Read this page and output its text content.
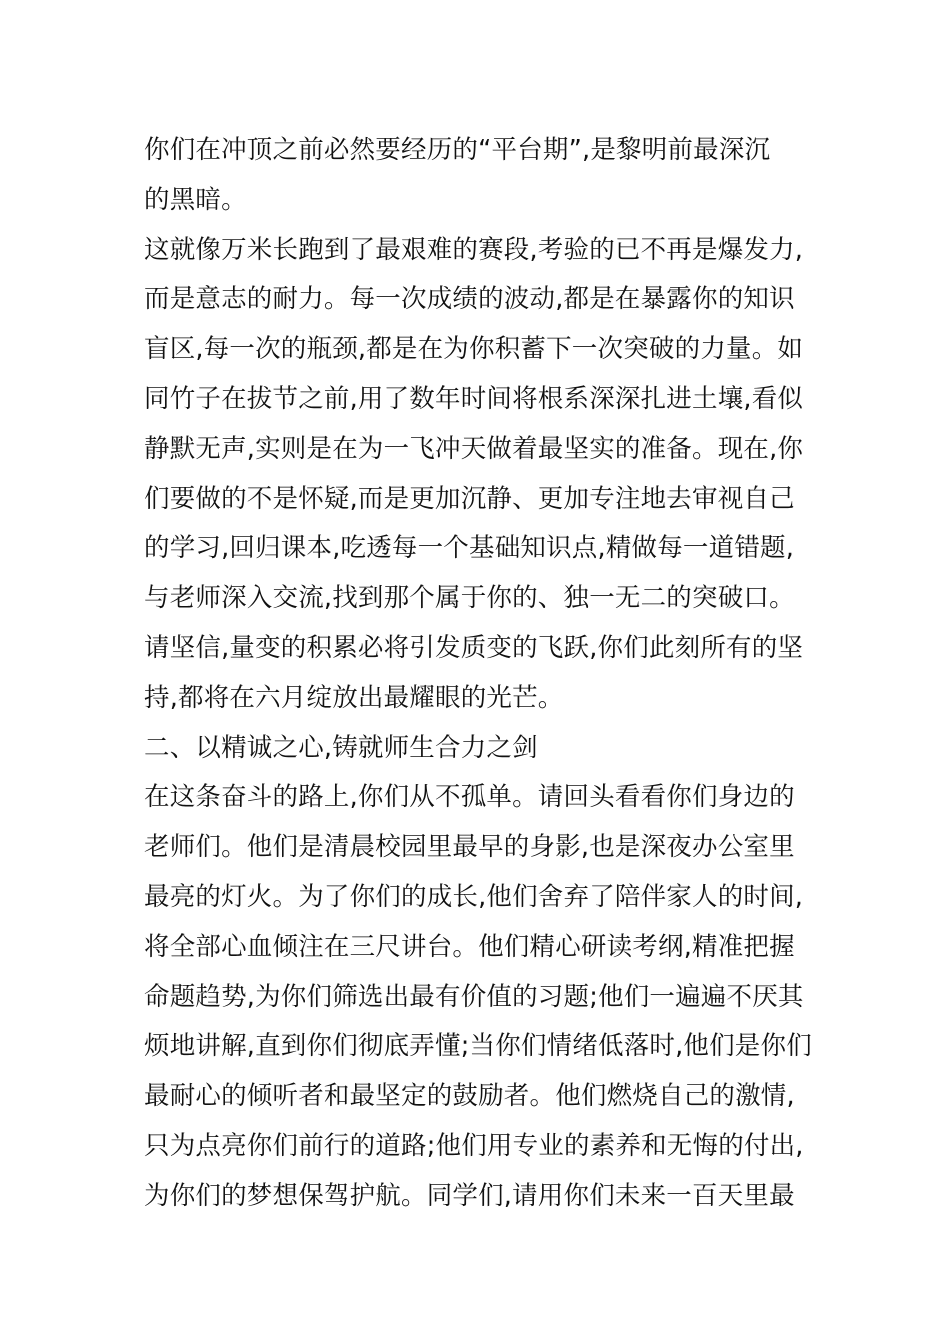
你们在冲顶之前必然要经历的“平台期”,是黎明前最深沉
的黑暗。
这就像万米长跑到了最艰难的赛段,考验的已不再是爆发力,
而是意志的耐力。每一次成绩的波动,都是在暴露你的知识
盲区,每一次的瓶颈,都是在为你积蓄下一次突破的力量。如
同竹子在拔节之前,用了数年时间将根系深深扎进土壤,看似
静默无声,实则是在为一飞冲天做着最坚实的准备。现在,你
们要做的不是怀疑,而是更加沉静、更加专注地去审视自己
的学习,回归课本,吃透每一个基础知识点,精做每一道错题,
与老师深入交流,找到那个属于你的、独一无二的突破口。
请坚信,量变的积累必将引发质变的飞跃,你们此刻所有的坚
持,都将在六月绽放出最耀眼的光芒。
二、以精诚之心,铸就师生合力之剑
在这条奋斗的路上,你们从不孤单。请回头看看你们身边的
老师们。他们是清晨校园里最早的身影,也是深夜办公室里
最亮的灯火。为了你们的成长,他们舍弃了陪伴家人的时间,
将全部心血倾注在三尺讲台。他们精心研读考纲,精准把握
命题趋势,为你们筛选出最有价值的习题;他们一遍遍不厌其
烦地讲解,直到你们彻底弄懂;当你们情绪低落时,他们是你们
最耐心的倾听者和最坚定的鼓励者。他们燃烧自己的激情,
只为点亮你们前行的道路;他们用专业的素养和无悔的付出,
为你们的梦想保驾护航。同学们,请用你们未来一百天里最
